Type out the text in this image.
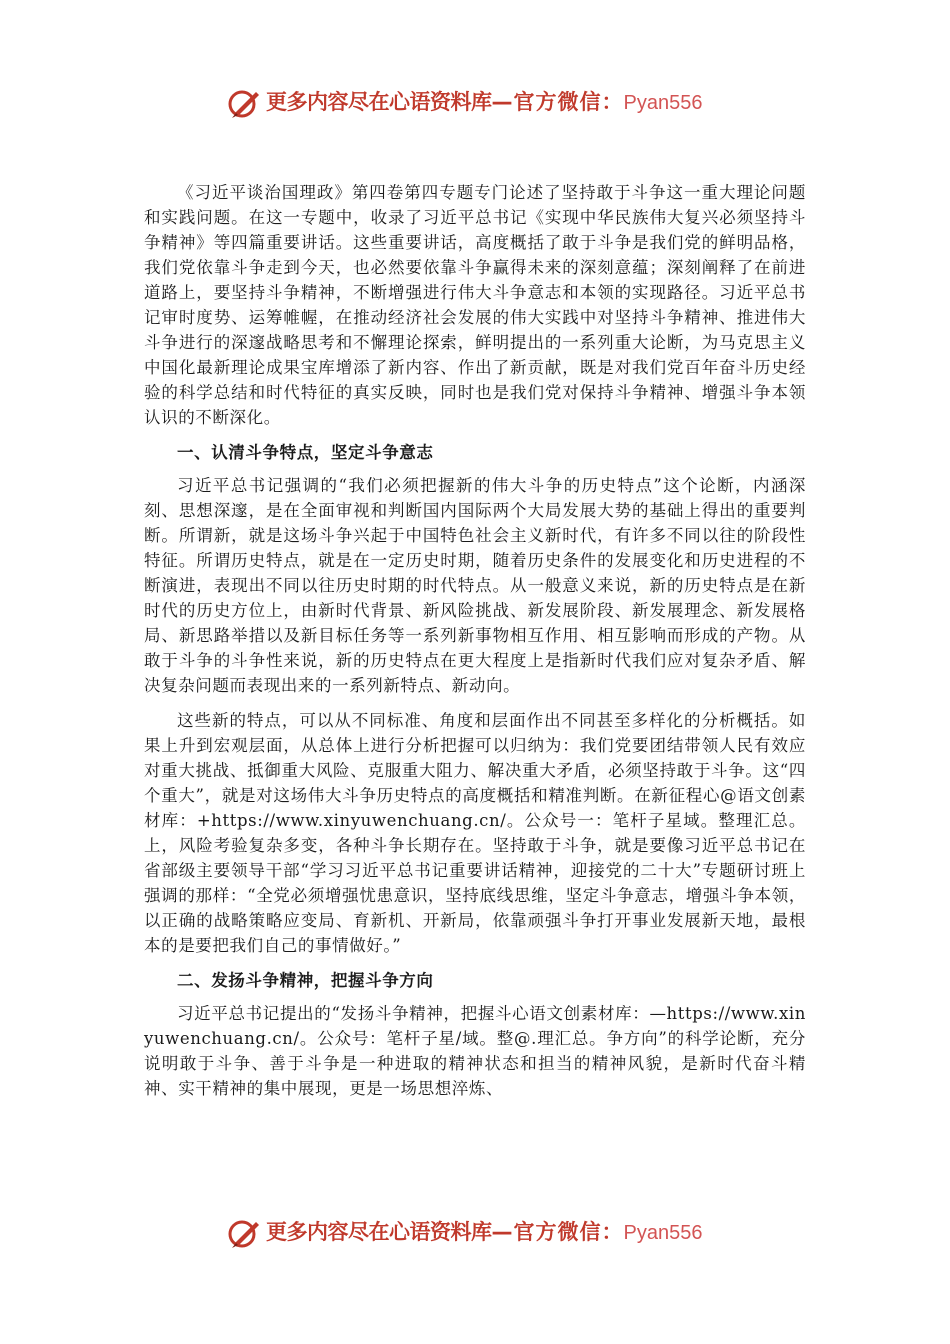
更多内容尽在心语资料库—官方微信：Pyan556

《习近平谈治国理政》第四卷第四专题专门论述了坚持敢于斗争这一重大理论问题和实践问题。在这一专题中，收录了习近平总书记《实现中华民族伟大复兴必须坚持斗争精神》等四篇重要讲话。这些重要讲话，高度概括了敢于斗争是我们党的鲜明品格，我们党依靠斗争走到今天，也必然要依靠斗争赢得未来的深刻意蕴；深刻阐释了在前进道路上，要坚持斗争精神，不断增强进行伟大斗争意志和本领的实现路径。习近平总书记审时度势、运筹帷幄，在推动经济社会发展的伟大实践中对坚持斗争精神、推进伟大斗争进行的深邃战略思考和不懈理论探索，鲜明提出的一系列重大论断，为马克思主义中国化最新理论成果宝库增添了新内容、作出了新贡献，既是对我们党百年奋斗历史经验的科学总结和时代特征的真实反映，同时也是我们党对保持斗争精神、增强斗争本领认识的不断深化。

一、认清斗争特点，坚定斗争意志

习近平总书记强调的“我们必须把握新的伟大斗争的历史特点”这个论断，内涵深刻、思想深邃，是在全面审视和判断国内国际两个大局发展大势的基础上得出的重要判断。所谓新，就是这场斗争兴起于中国特色社会主义新时代，有许多不同以往的阶段性特征。所谓历史特点，就是在一定历史时期，随着历史条件的发展变化和历史进程的不断演进，表现出不同以往历史时期的时代特点。从一般意义来说，新的历史特点是在新时代的历史方位上，由新时代背景、新风险挑战、新发展阶段、新发展理念、新发展格局、新思路举措以及新目标任务等一系列新事物相互作用、相互影响而形成的产物。从敢于斗争的斗争性来说，新的历史特点在更大程度上是指新时代我们应对复杂矛盾、解决复杂问题而表现出来的一系列新特点、新动向。

这些新的特点，可以从不同标准、角度和层面作出不同甚至多样化的分析概括。如果上升到宏观层面，从总体上进行分析把握可以归纳为：我们党要团结带领人民有效应对重大挑战、抵御重大风险、克服重大阻力、解决重大矛盾，必须坚持敢于斗争。这“四个重大”，就是对这场伟大斗争历史特点的高度概括和精准判断。在新征程心@语文创素材库：+https://www.xinyuwenchuang.cn/。公众号一：笔杆子星域。整理汇总。上，风险考验复杂多变，各种斗争长期存在。坚持敢于斗争，就是要像习近平总书记在省部级主要领导干部“学习习近平总书记重要讲话精神，迎接党的二十大”专题研讨班上强调的那样：“全党必须增强忧患意识，坚持底线思维，坚定斗争意志，增强斗争本领，以正确的战略策略应变局、育新机、开新局，依靠顽强斗争打开事业发展新天地，最根本的是要把我们自己的事情做好。”

二、发扬斗争精神，把握斗争方向

习近平总书记提出的“发扬斗争精神，把握斗心语文创素材库：—https://www.xinyuwenchuang.cn/。公众号：笔杆子星/域。整@.理汇总。争方向”的科学论断，充分说明敢于斗争、善于斗争是一种进取的精神状态和担当的精神风貌，是新时代奋斗精神、实干精神的集中展现，更是一场思想淬炼、

更多内容尽在心语资料库—官方微信：Pyan556
